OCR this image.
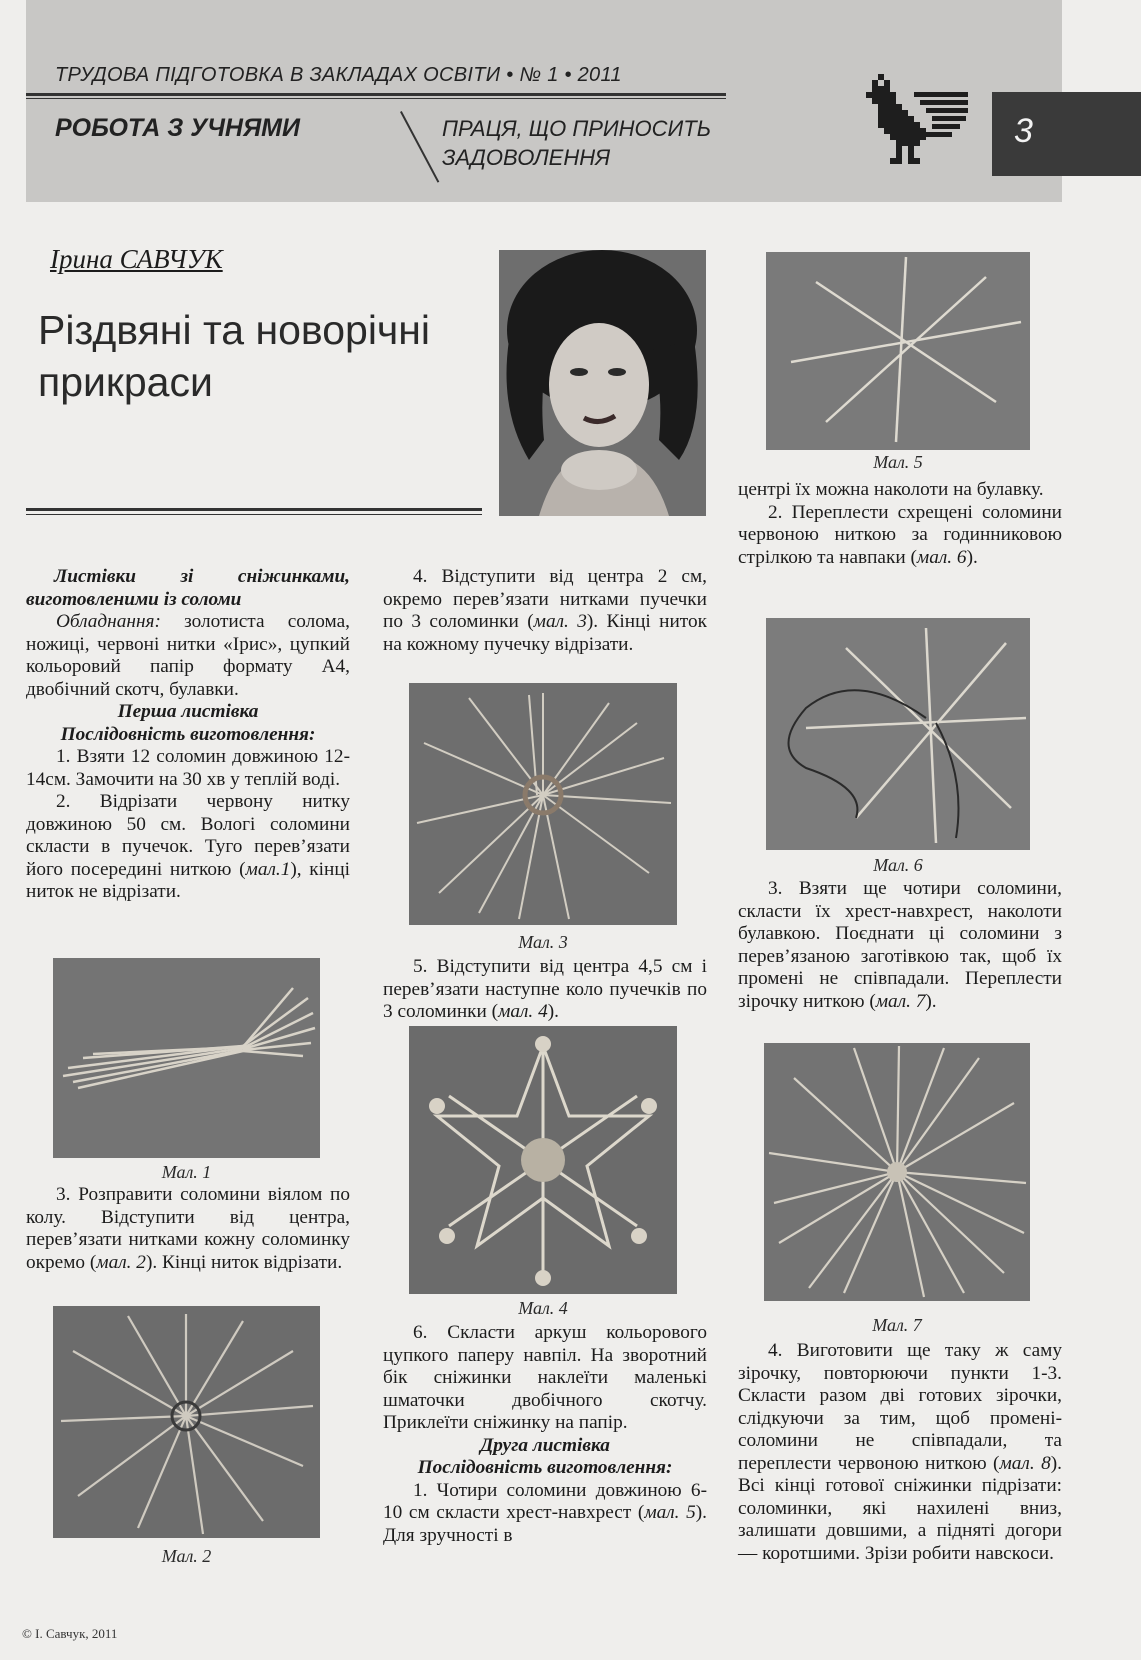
ТРУДОВА ПІДГОТОВКА В ЗАКЛАДАХ ОСВІТИ • № 1 • 2011
РОБОТА З УЧНЯМИ	ПРАЦЯ, ЩО ПРИНОСИТЬ
ЗАДОВОЛЕННЯ
3
Ірина САВЧУК
Різдвяні та новорічні прикраси
Мал. 1
Мал. 2
Мал. 3
Мал. 4
Мал. 5
Мал. 6
Мал. 7

Листівки зі сніжинками, виготовленими із соломи

Обладнання: золотиста солома, ножиці, червоні нитки «Ірис», цупкий кольоровий папір формату А4, двобічний скотч, булавки.

Перша листівка

Послідовність виготовлення:

1. Взяти 12 соломин довжиною 12-14см. Замочити на 30 хв у теплій воді.

2. Відрізати червону нитку довжиною 50 см. Вологі соломини скласти в пучечок. Туго перев’язати його посередині ниткою (мал.1), кінці ниток не відрізати.

3. Розправити соломини віялом по колу. Відступити від центра, перев’язати нитками кожну соломинку окремо (мал. 2). Кінці ниток відрізати.

4. Відступити від центра 2 см, окремо перев’язати нитками пучечки по 3 соломинки (мал. 3). Кінці ниток на кожному пучечку відрізати.

5. Відступити від центра 4,5 см і перев’язати наступне коло пучечків по 3 соломинки (мал. 4).

6. Скласти аркуш кольорового цупкого паперу навпіл. На зворотний бік сніжинки наклеїти маленькі шматочки двобічного скотчу. Приклеїти сніжинку на папір.

Друга листівка

Послідовність виготовлення:

1. Чотири соломини довжиною 6-10 см скласти хрест-навхрест (мал. 5). Для зручності в

центрі їх можна наколоти на булавку.

2. Переплести схрещені соломини червоною ниткою за годинниковою стрілкою та навпаки (мал. 6).

3. Взяти ще чотири соломини, скласти їх хрест-навхрест, наколоти булавкою. Поєднати ці соломини з перев’язаною заготівкою так, щоб їх промені не співпадали. Переплести зірочку ниткою (мал. 7).

4. Виготовити ще таку ж саму зірочку, повторюючи пункти 1-3. Скласти разом дві готових зірочки, слідкуючи за тим, щоб промені-соломини не співпадали, та переплести червоною ниткою (мал. 8). Всі кінці готової сніжинки підрізати: соломинки, які нахилені вниз, залишати довшими, а підняті догори — коротшими. Зрізи робити навскоси.

© І. Савчук, 2011
